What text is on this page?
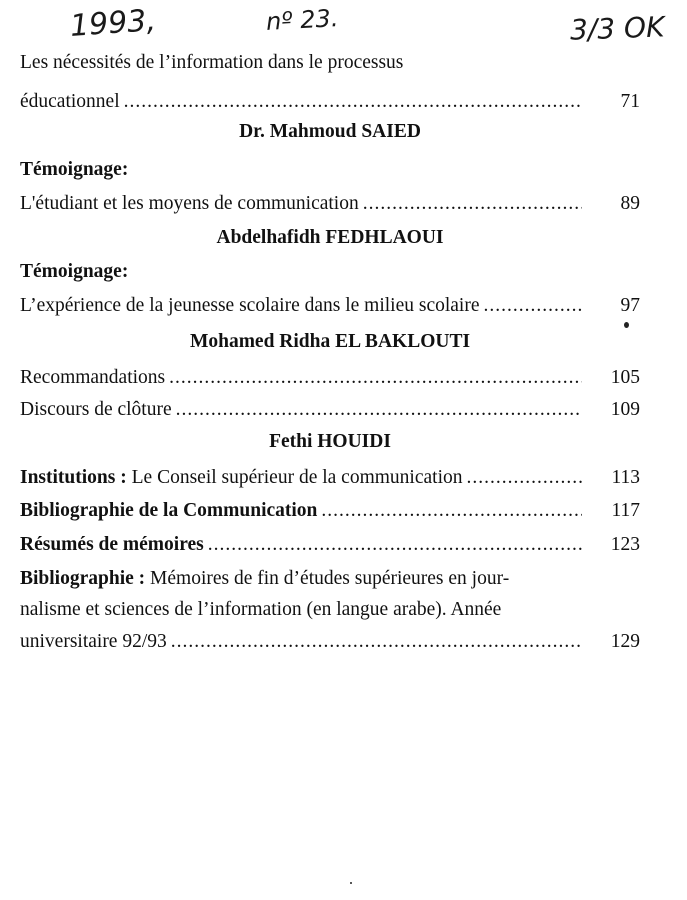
1993,	nº 23.	3/3 OK
Les nécessités de l’information dans le processus
éducationnel .....	71
Dr. Mahmoud SAIED
Témoignage:
L'étudiant et les moyens de communication .....	89
Abdelhafidh FEDHLAOUI
Témoignage:
L’expérience de la jeunesse scolaire dans le milieu scolaire .....	97
Mohamed Ridha EL BAKLOUTI
Recommandations .....	105
Discours de clôture .....	109
Fethi HOUIDI
Institutions : Le Conseil supérieur de la communication .....	113
Bibliographie de la Communication .....	117
Résumés de mémoires .....	123
Bibliographie : Mémoires de fin d’études supérieures en jour-
nalisme et sciences de l’information (en langue arabe). Année
universitaire 92/93 .....	129
